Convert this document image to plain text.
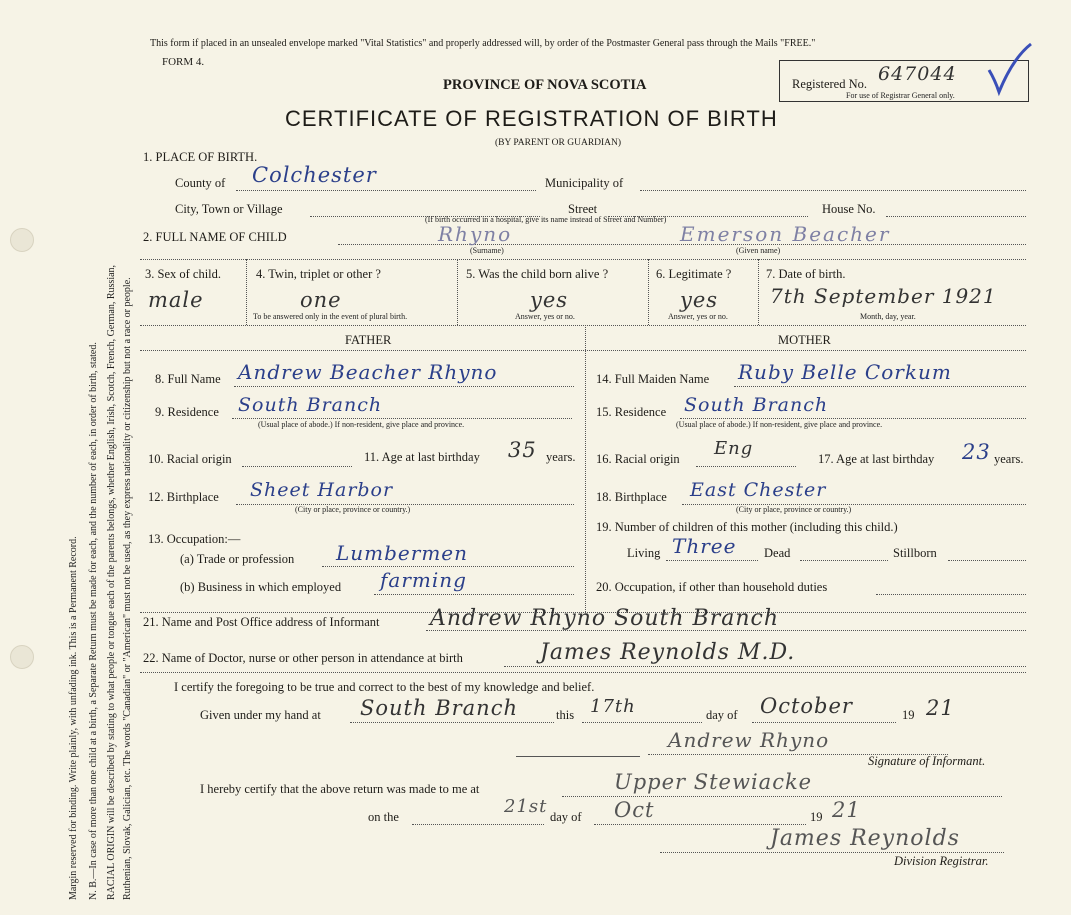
Margin reserved for binding. Write plainly, with unfading ink. This is a Permanent Record. N. B.—In case of more than one child at a birth, a Separate Return must be made for each, and the number of each, in order of birth, stated. RACIAL ORIGIN will be described by stating to what people or tongue each of the parents belongs, whether English, Irish, Scotch, French, German, Russian, Ruthenian, Slovak, Galician, etc. The words "Canadian" or "American" must not be used, as they express nationality or citizenship but not a race or people.
This form if placed in an unsealed envelope marked "Vital Statistics" and properly addressed will, by order of the Postmaster General pass through the Mails "FREE."
FORM 4.
PROVINCE OF NOVA SCOTIA
CERTIFICATE OF REGISTRATION OF BIRTH
(BY PARENT OR GUARDIAN)
Registered No. 647044
For use of Registrar General only.
1. PLACE OF BIRTH.
County of Colchester	Municipality of
City, Town or Village	Street	House No.
(If birth occurred in a hospital, give its name instead of Street and Number)
2. FULL NAME OF CHILD	Rhyno	Emerson Beacher
(Surname)	(Given name)
3. Sex of child.
male
4. Twin, triplet or other ?
one
To be answered only in the event of plural birth.
5. Was the child born alive ?
yes
Answer, yes or no.
6. Legitimate ?
yes
Answer, yes or no.
7. Date of birth.
7th September 1921
Month, day, year.
FATHER	MOTHER
8. Full Name Andrew Beacher Rhyno
9. Residence South Branch
(Usual place of abode.) If non-resident, give place and province.
10. Racial origin	11. Age at last birthday 35 years.
12. Birthplace Sheet Harbor
(City or place, province or country.)
13. Occupation:—
(a) Trade or profession Lumbermen
(b) Business in which employed farming
14. Full Maiden Name Ruby Belle Corkum
15. Residence South Branch
(Usual place of abode.) If non-resident, give place and province.
16. Racial origin Eng	17. Age at last birthday 23 years.
18. Birthplace East Chester
(City or place, province or country.)
19. Number of children of this mother (including this child.)
Living Three Dead	Stillborn
20. Occupation, if other than household duties
21. Name and Post Office address of Informant Andrew Rhyno South Branch
22. Name of Doctor, nurse or other person in attendance at birth	James Reynolds M.D.
I certify the foregoing to be true and correct to the best of my knowledge and belief.
Given under my hand at South Branch	this 17th	day of October	19 21
Andrew Rhyno
Signature of Informant.
I hereby certify that the above return was made to me at	Upper Stewiacke
on the	21st day of Oct	19 21
James Reynolds
Division Registrar.
